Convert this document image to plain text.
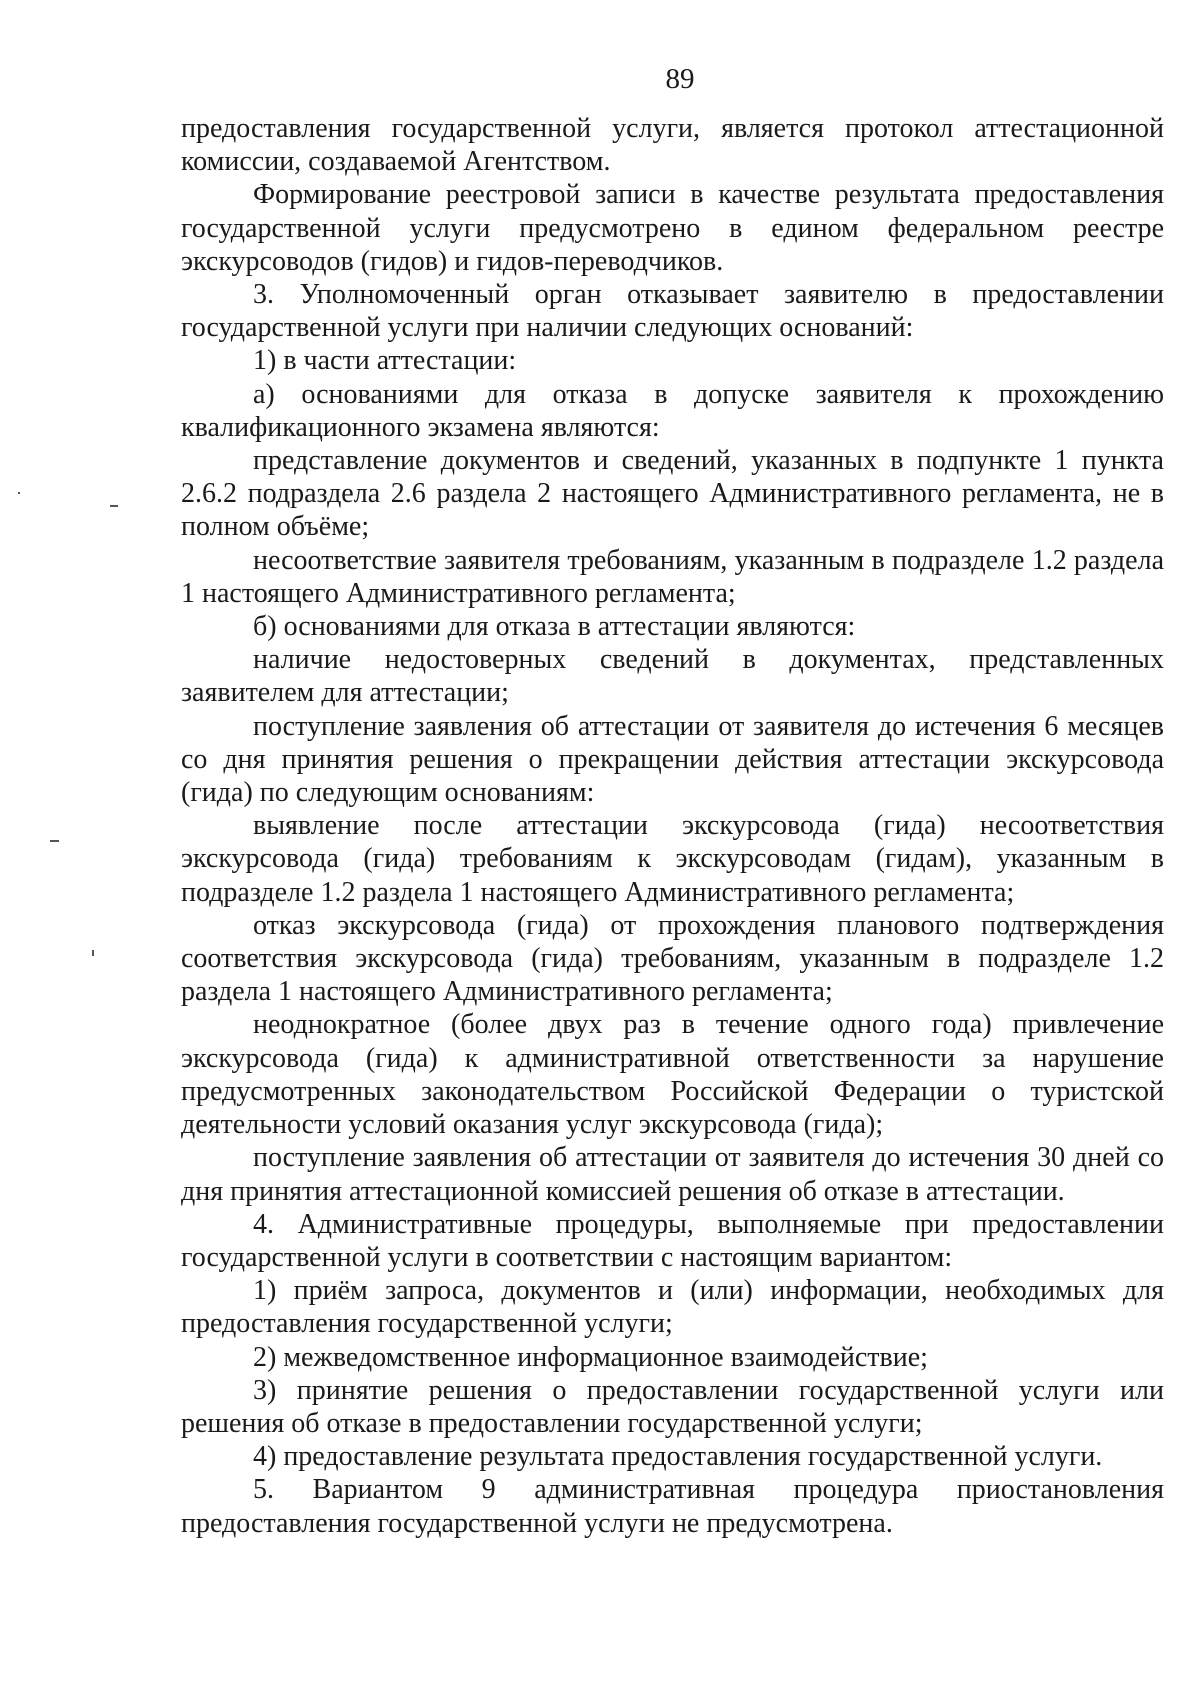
89

предоставления государственной услуги, является протокол аттестационной комиссии, создаваемой Агентством.

Формирование реестровой записи в качестве результата предоставления государственной услуги предусмотрено в едином федеральном реестре экскурсоводов (гидов) и гидов-переводчиков.

3. Уполномоченный орган отказывает заявителю в предоставлении государственной услуги при наличии следующих оснований:

1) в части аттестации:

а) основаниями для отказа в допуске заявителя к прохождению квалификационного экзамена являются:

представление документов и сведений, указанных в подпункте 1 пункта 2.6.2 подраздела 2.6 раздела 2 настоящего Административного регламента, не в полном объёме;

несоответствие заявителя требованиям, указанным в подразделе 1.2 раздела 1 настоящего Административного регламента;

б) основаниями для отказа в аттестации являются:

наличие недостоверных сведений в документах, представленных заявителем для аттестации;

поступление заявления об аттестации от заявителя до истечения 6 месяцев со дня принятия решения о прекращении действия аттестации экскурсовода (гида) по следующим основаниям:

выявление после аттестации экскурсовода (гида) несоответствия экскурсовода (гида) требованиям к экскурсоводам (гидам), указанным в подразделе 1.2 раздела 1 настоящего Административного регламента;

отказ экскурсовода (гида) от прохождения планового подтверждения соответствия экскурсовода (гида) требованиям, указанным в подразделе 1.2 раздела 1 настоящего Административного регламента;

неоднократное (более двух раз в течение одного года) привлечение экскурсовода (гида) к административной ответственности за нарушение предусмотренных законодательством Российской Федерации о туристской деятельности условий оказания услуг экскурсовода (гида);

поступление заявления об аттестации от заявителя до истечения 30 дней со дня принятия аттестационной комиссией решения об отказе в аттестации.

4. Административные процедуры, выполняемые при предоставлении государственной услуги в соответствии с настоящим вариантом:

1) приём запроса, документов и (или) информации, необходимых для предоставления государственной услуги;

2) межведомственное информационное взаимодействие;

3) принятие решения о предоставлении государственной услуги или решения об отказе в предоставлении государственной услуги;

4) предоставление результата предоставления государственной услуги.

5. Вариантом 9 административная процедура приостановления предоставления государственной услуги не предусмотрена.
